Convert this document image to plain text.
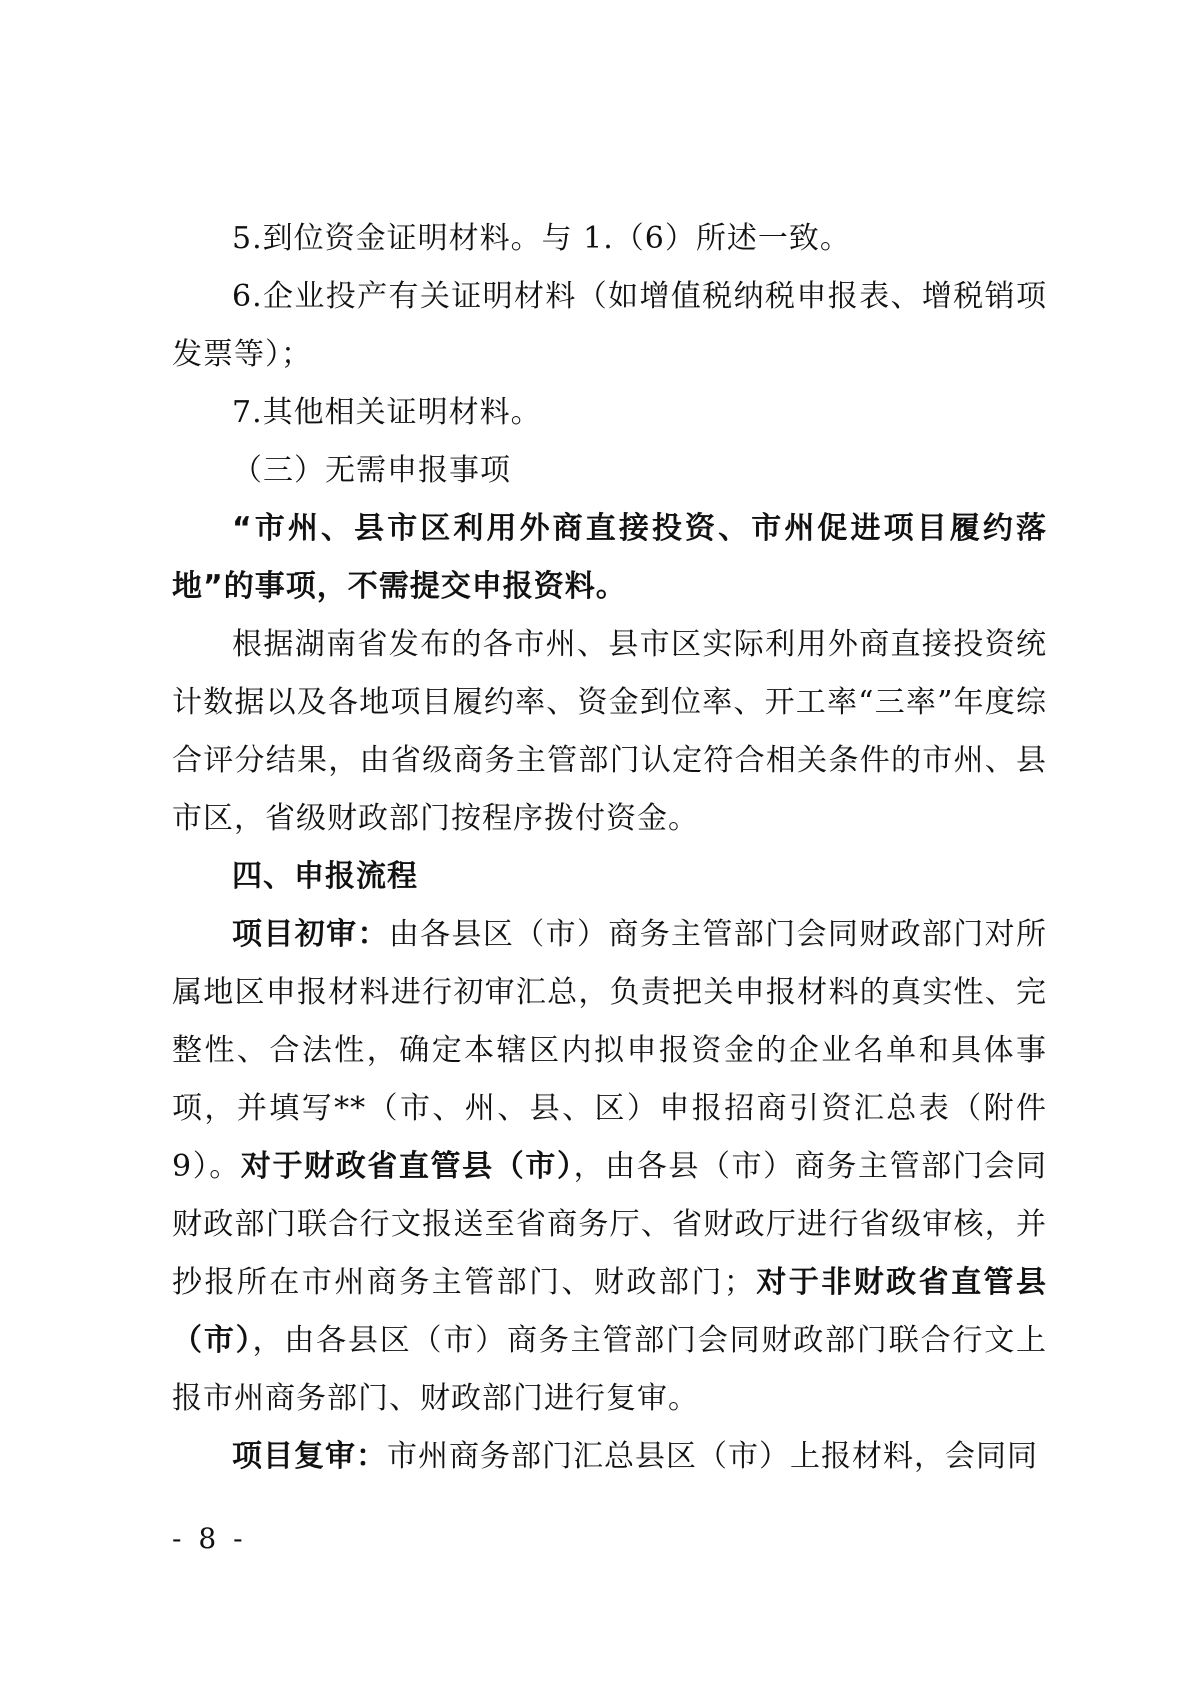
5.到位资金证明材料。与 1.（6）所述一致。

6.企业投产有关证明材料（如增值税纳税申报表、增税销项发票等）；

7.其他相关证明材料。

（三）无需申报事项

“市州、县市区利用外商直接投资、市州促进项目履约落地”的事项，不需提交申报资料。

根据湖南省发布的各市州、县市区实际利用外商直接投资统计数据以及各地项目履约率、资金到位率、开工率“三率”年度综合评分结果，由省级商务主管部门认定符合相关条件的市州、县市区，省级财政部门按程序拨付资金。

四、申报流程

项目初审：由各县区（市）商务主管部门会同财政部门对所属地区申报材料进行初审汇总，负责把关申报材料的真实性、完整性、合法性，确定本辖区内拟申报资金的企业名单和具体事项，并填写**（市、州、县、区）申报招商引资汇总表（附件9）。对于财政省直管县（市），由各县（市）商务主管部门会同财政部门联合行文报送至省商务厅、省财政厅进行省级审核，并抄报所在市州商务主管部门、财政部门；对于非财政省直管县（市），由各县区（市）商务主管部门会同财政部门联合行文上报市州商务部门、财政部门进行复审。

项目复审：市州商务部门汇总县区（市）上报材料，会同同

- 8 -
